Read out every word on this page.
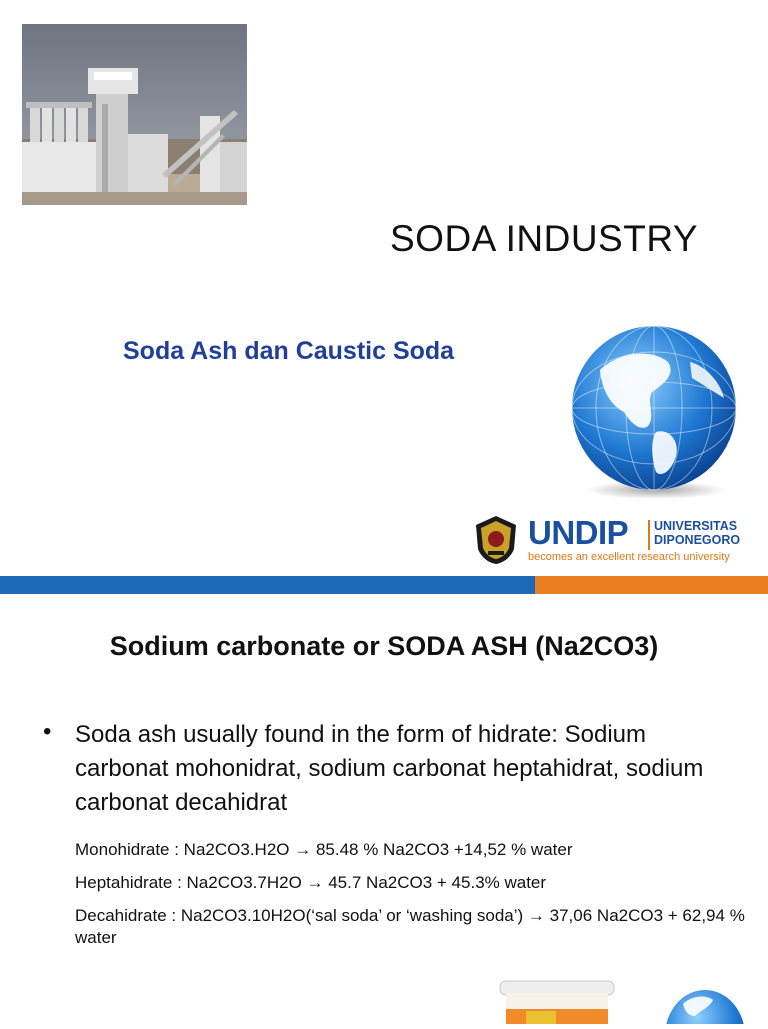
SODA INDUSTRY
Soda Ash dan Caustic Soda
UNDIP UNIVERSITAS
DIPONEGORO
becomes an excellent research university
Sodium carbonate or SODA ASH (Na2CO3)
• Soda ash usually found in the form of hidrate: Sodium carbonat mohonidrat, sodium carbonat heptahidrat, sodium carbonat decahidrat
Monohidrate : Na2CO3.H2O → 85.48 % Na2CO3 +14,52 % water
Heptahidrate : Na2CO3.7H2O → 45.7 Na2CO3 + 45.3% water
Decahidrate : Na2CO3.10H2O(‘sal soda’ or ‘washing soda’) → 37,06 Na2CO3 + 62,94 % water
